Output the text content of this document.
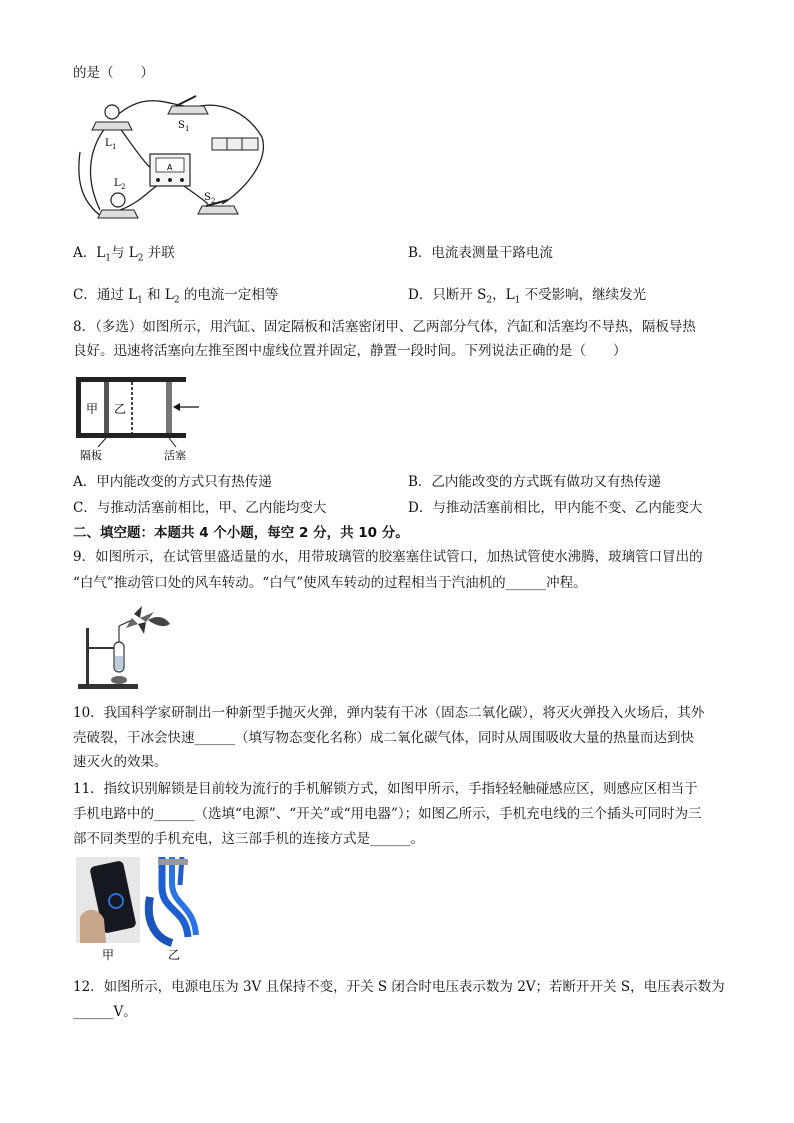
的是（　　）
L 1
S 1
A
L 2
S 2
A．$L_1$与 $L_2$ 并联	B．电流表测量干路电流
C．通过 $L_1$ 和 $L_2$ 的电流一定相等	D．只断开 $S_2$，$L_1$ 不受影响，继续发光
8．（多选）如图所示，用汽缸、固定隔板和活塞密闭甲、乙两部分气体，汽缸和活塞均不导热，隔板导热
良好。迅速将活塞向左推至图中虚线位置并固定，静置一段时间。下列说法正确的是（　　）
甲 乙
隔板	活塞
A．甲内能改变的方式只有热传递	B．乙内能改变的方式既有做功又有热传递
C．与推动活塞前相比，甲、乙内能均变大	D．与推动活塞前相比，甲内能不变、乙内能变大
二、填空题：本题共 4 个小题，每空 2 分，共 10 分。
9．如图所示，在试管里盛适量的水，用带玻璃管的胶塞塞住试管口，加热试管使水沸腾，玻璃管口冒出的
“白气”推动管口处的风车转动。“白气”使风车转动的过程相当于汽油机的______冲程。
10．我国科学家研制出一种新型手抛灭火弹，弹内装有干冰（固态二氧化碳），将灭火弹投入火场后，其外
壳破裂，干冰会快速______（填写物态变化名称）成二氧化碳气体，同时从周围吸收大量的热量而达到快
速灭火的效果。
11．指纹识别解锁是目前较为流行的手机解锁方式，如图甲所示，手指轻轻触碰感应区，则感应区相当于
手机电路中的______（选填“电源”、“开关”或“用电器”）；如图乙所示，手机充电线的三个插头可同时为三
部不同类型的手机充电，这三部手机的连接方式是______。
甲	乙
12．如图所示，电源电压为 3V 且保持不变，开关 S 闭合时电压表示数为 2V；若断开开关 S，电压表示数为
______V。
